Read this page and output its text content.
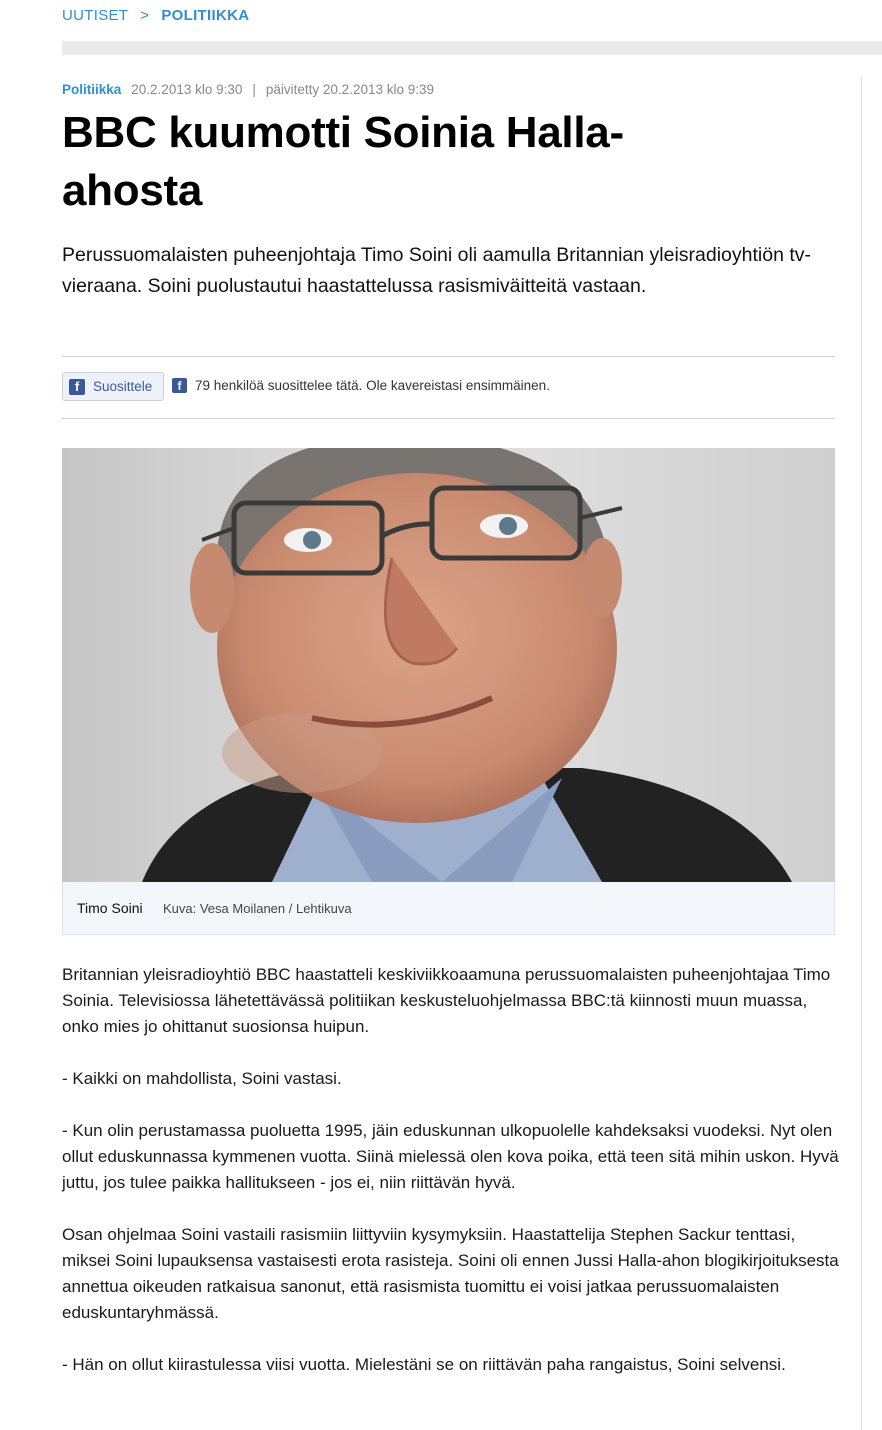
UUTISET > POLITIIKKA
Politiikka 20.2.2013 klo 9:30 | päivitetty 20.2.2013 klo 9:39
BBC kuumotti Soinia Halla-ahosta

Perussuomalaisten puheenjohtaja Timo Soini oli aamulla Britannian yleisradioyhtiön tv-vieraana. Soini puolustautui haastattelussa rasismiväitteitä vastaan.

f	Suosittele	f	79 henkilöä suosittelee tätä. Ole kavereistasi ensimmäinen.
Timo Soini Kuva: Vesa Moilanen / Lehtikuva

Britannian yleisradioyhtiö BBC haastatteli keskiviikkoaamuna perussuomalaisten puheenjohtajaa Timo Soinia. Televisiossa lähetettävässä politiikan keskusteluohjelmassa BBC:tä kiinnosti muun muassa, onko mies jo ohittanut suosionsa huipun.

- Kaikki on mahdollista, Soini vastasi.

- Kun olin perustamassa puoluetta 1995, jäin eduskunnan ulkopuolelle kahdeksaksi vuodeksi. Nyt olen ollut eduskunnassa kymmenen vuotta. Siinä mielessä olen kova poika, että teen sitä mihin uskon. Hyvä juttu, jos tulee paikka hallitukseen - jos ei, niin riittävän hyvä.

Osan ohjelmaa Soini vastaili rasismiin liittyviin kysymyksiin. Haastattelija Stephen Sackur tenttasi, miksei Soini lupauksensa vastaisesti erota rasisteja. Soini oli ennen Jussi Halla-ahon blogikirjoituksesta annettua oikeuden ratkaisua sanonut, että rasismista tuomittu ei voisi jatkaa perussuomalaisten eduskuntaryhmässä.

- Hän on ollut kiirastulessa viisi vuotta. Mielestäni se on riittävän paha rangaistus, Soini selvensi.
